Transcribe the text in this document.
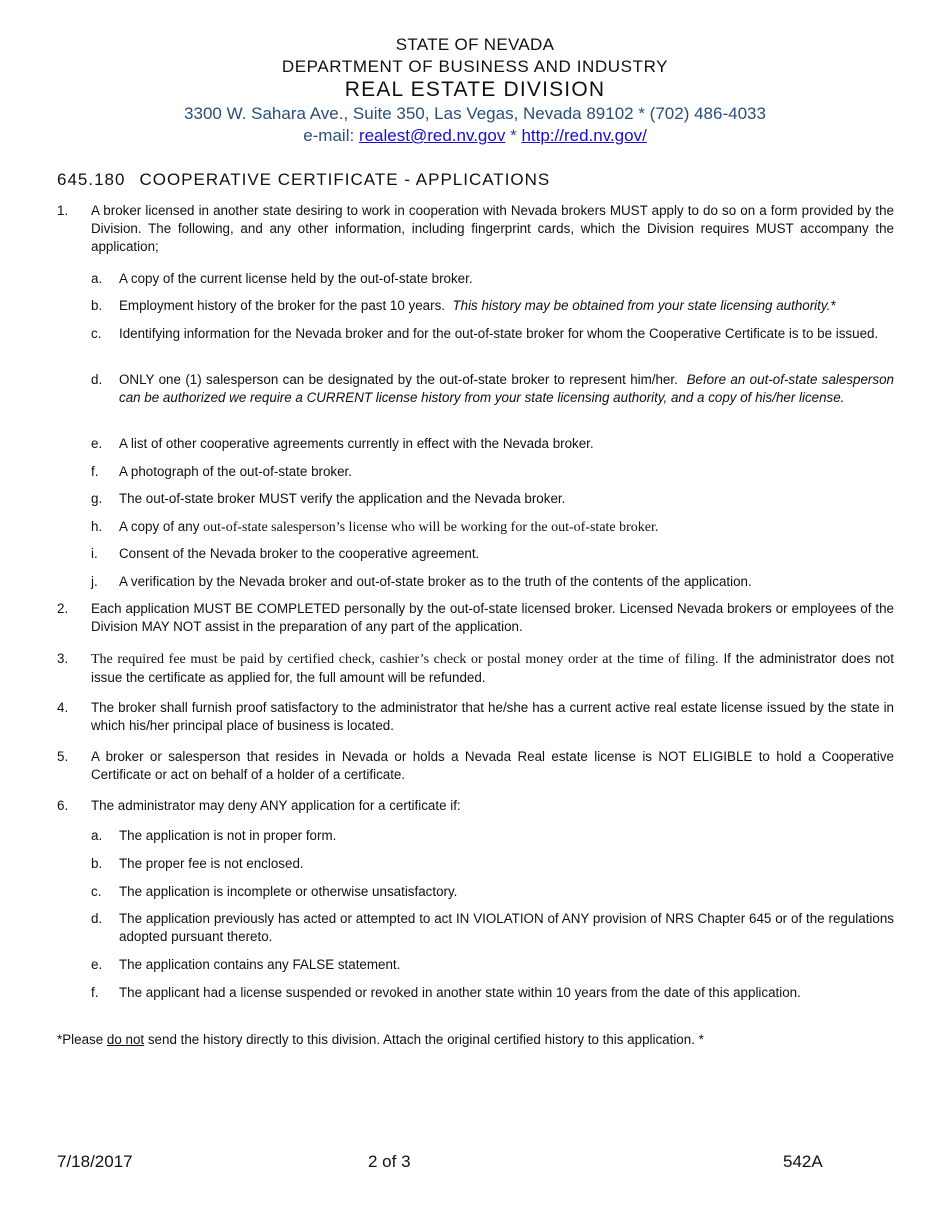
STATE OF NEVADA
DEPARTMENT OF BUSINESS AND INDUSTRY
REAL ESTATE DIVISION
3300 W. Sahara Ave., Suite 350, Las Vegas, Nevada 89102 * (702) 486-4033
e-mail: realest@red.nv.gov * http://red.nv.gov/
645.180 COOPERATIVE CERTIFICATE - APPLICATIONS
1. A broker licensed in another state desiring to work in cooperation with Nevada brokers MUST apply to do so on a form provided by the Division. The following, and any other information, including fingerprint cards, which the Division requires MUST accompany the application;
a. A copy of the current license held by the out-of-state broker.
b. Employment history of the broker for the past 10 years. This history may be obtained from your state licensing authority.*
c. Identifying information for the Nevada broker and for the out-of-state broker for whom the Cooperative Certificate is to be issued.
d. ONLY one (1) salesperson can be designated by the out-of-state broker to represent him/her. Before an out-of-state salesperson can be authorized we require a CURRENT license history from your state licensing authority, and a copy of his/her license.
e. A list of other cooperative agreements currently in effect with the Nevada broker.
f. A photograph of the out-of-state broker.
g. The out-of-state broker MUST verify the application and the Nevada broker.
h. A copy of any out-of-state salesperson’s license who will be working for the out-of-state broker.
i. Consent of the Nevada broker to the cooperative agreement.
j. A verification by the Nevada broker and out-of-state broker as to the truth of the contents of the application.
2. Each application MUST BE COMPLETED personally by the out-of-state licensed broker. Licensed Nevada brokers or employees of the Division MAY NOT assist in the preparation of any part of the application.
3. The required fee must be paid by certified check, cashier’s check or postal money order at the time of filing. If the administrator does not issue the certificate as applied for, the full amount will be refunded.
4. The broker shall furnish proof satisfactory to the administrator that he/she has a current active real estate license issued by the state in which his/her principal place of business is located.
5. A broker or salesperson that resides in Nevada or holds a Nevada Real estate license is NOT ELIGIBLE to hold a Cooperative Certificate or act on behalf of a holder of a certificate.
6. The administrator may deny ANY application for a certificate if:
a. The application is not in proper form.
b. The proper fee is not enclosed.
c. The application is incomplete or otherwise unsatisfactory.
d. The application previously has acted or attempted to act IN VIOLATION of ANY provision of NRS Chapter 645 or of the regulations adopted pursuant thereto.
e. The application contains any FALSE statement.
f. The applicant had a license suspended or revoked in another state within 10 years from the date of this application.
*Please do not send the history directly to this division. Attach the original certified history to this application. *
7/18/2017	2 of 3	542A
